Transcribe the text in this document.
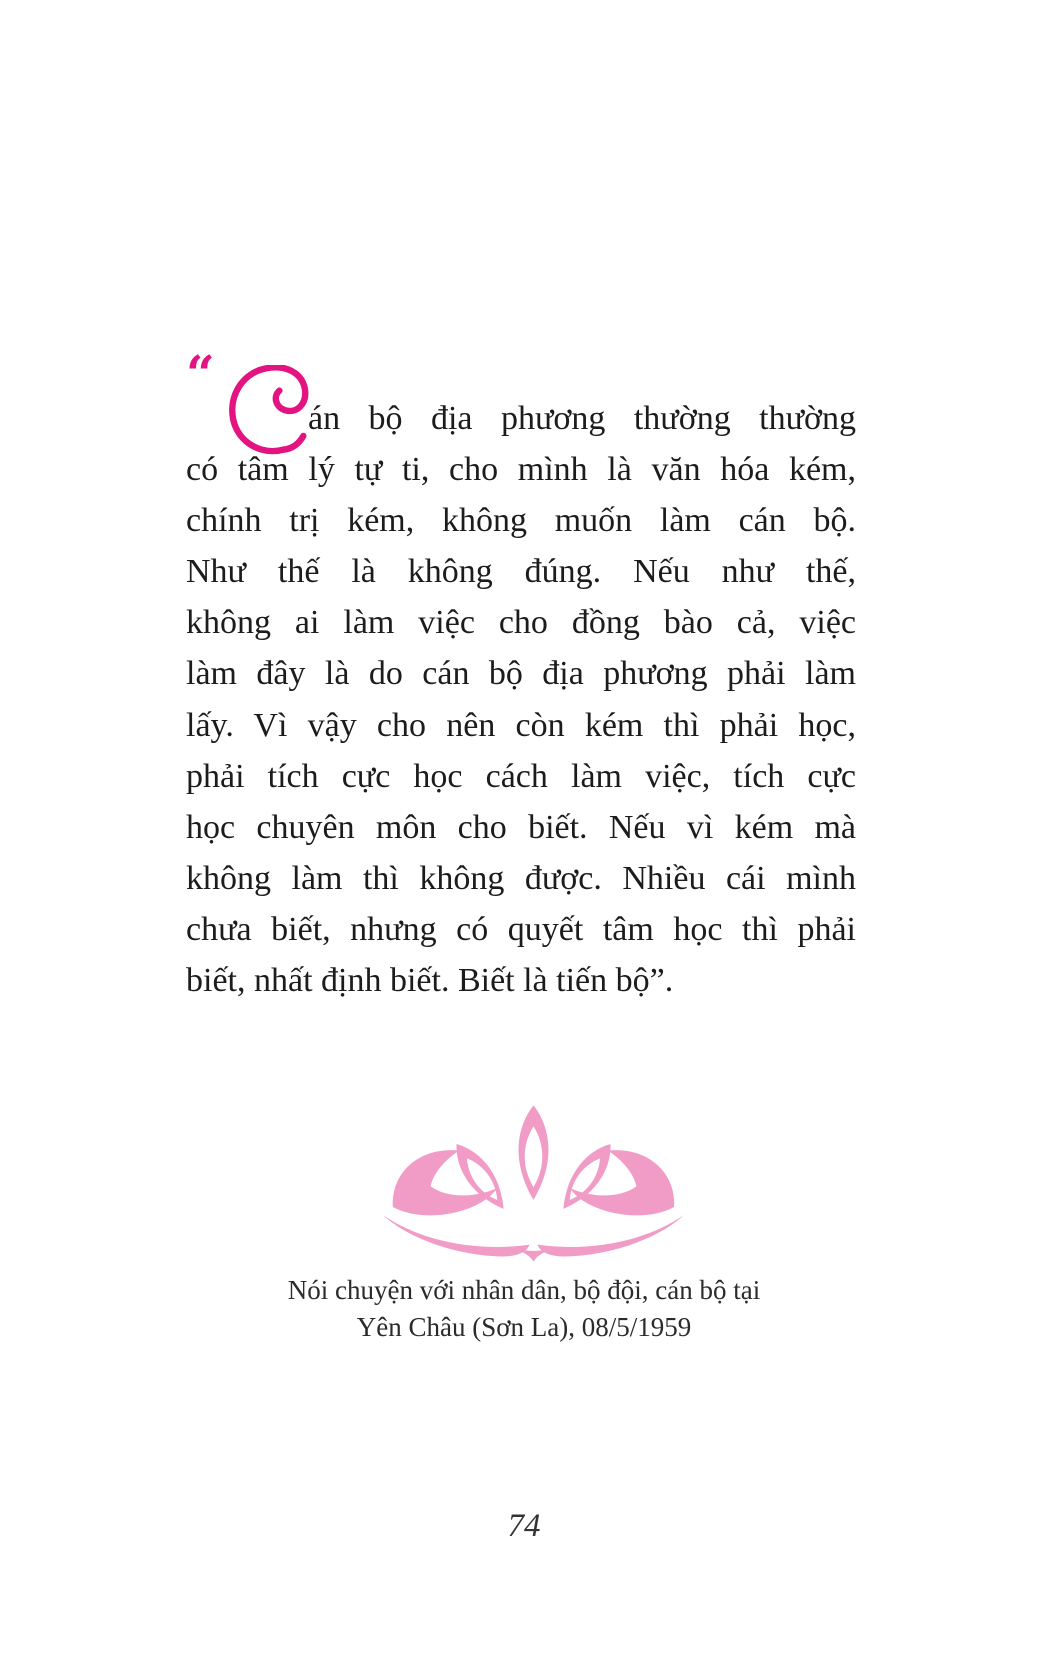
“
án bộ địa phương thường thường
có tâm lý tự ti, cho mình là văn hóa kém,
chính trị kém, không muốn làm cán bộ.
Như thế là không đúng. Nếu như thế,
không ai làm việc cho đồng bào cả, việc
làm đây là do cán bộ địa phương phải làm
lấy. Vì vậy cho nên còn kém thì phải học,
phải tích cực học cách làm việc, tích cực
học chuyên môn cho biết. Nếu vì kém mà
không làm thì không được. Nhiều cái mình
chưa biết, nhưng có quyết tâm học thì phải
biết, nhất định biết. Biết là tiến bộ”.
Nói chuyện với nhân dân, bộ đội, cán bộ tại
Yên Châu (Sơn La), 08/5/1959
74
